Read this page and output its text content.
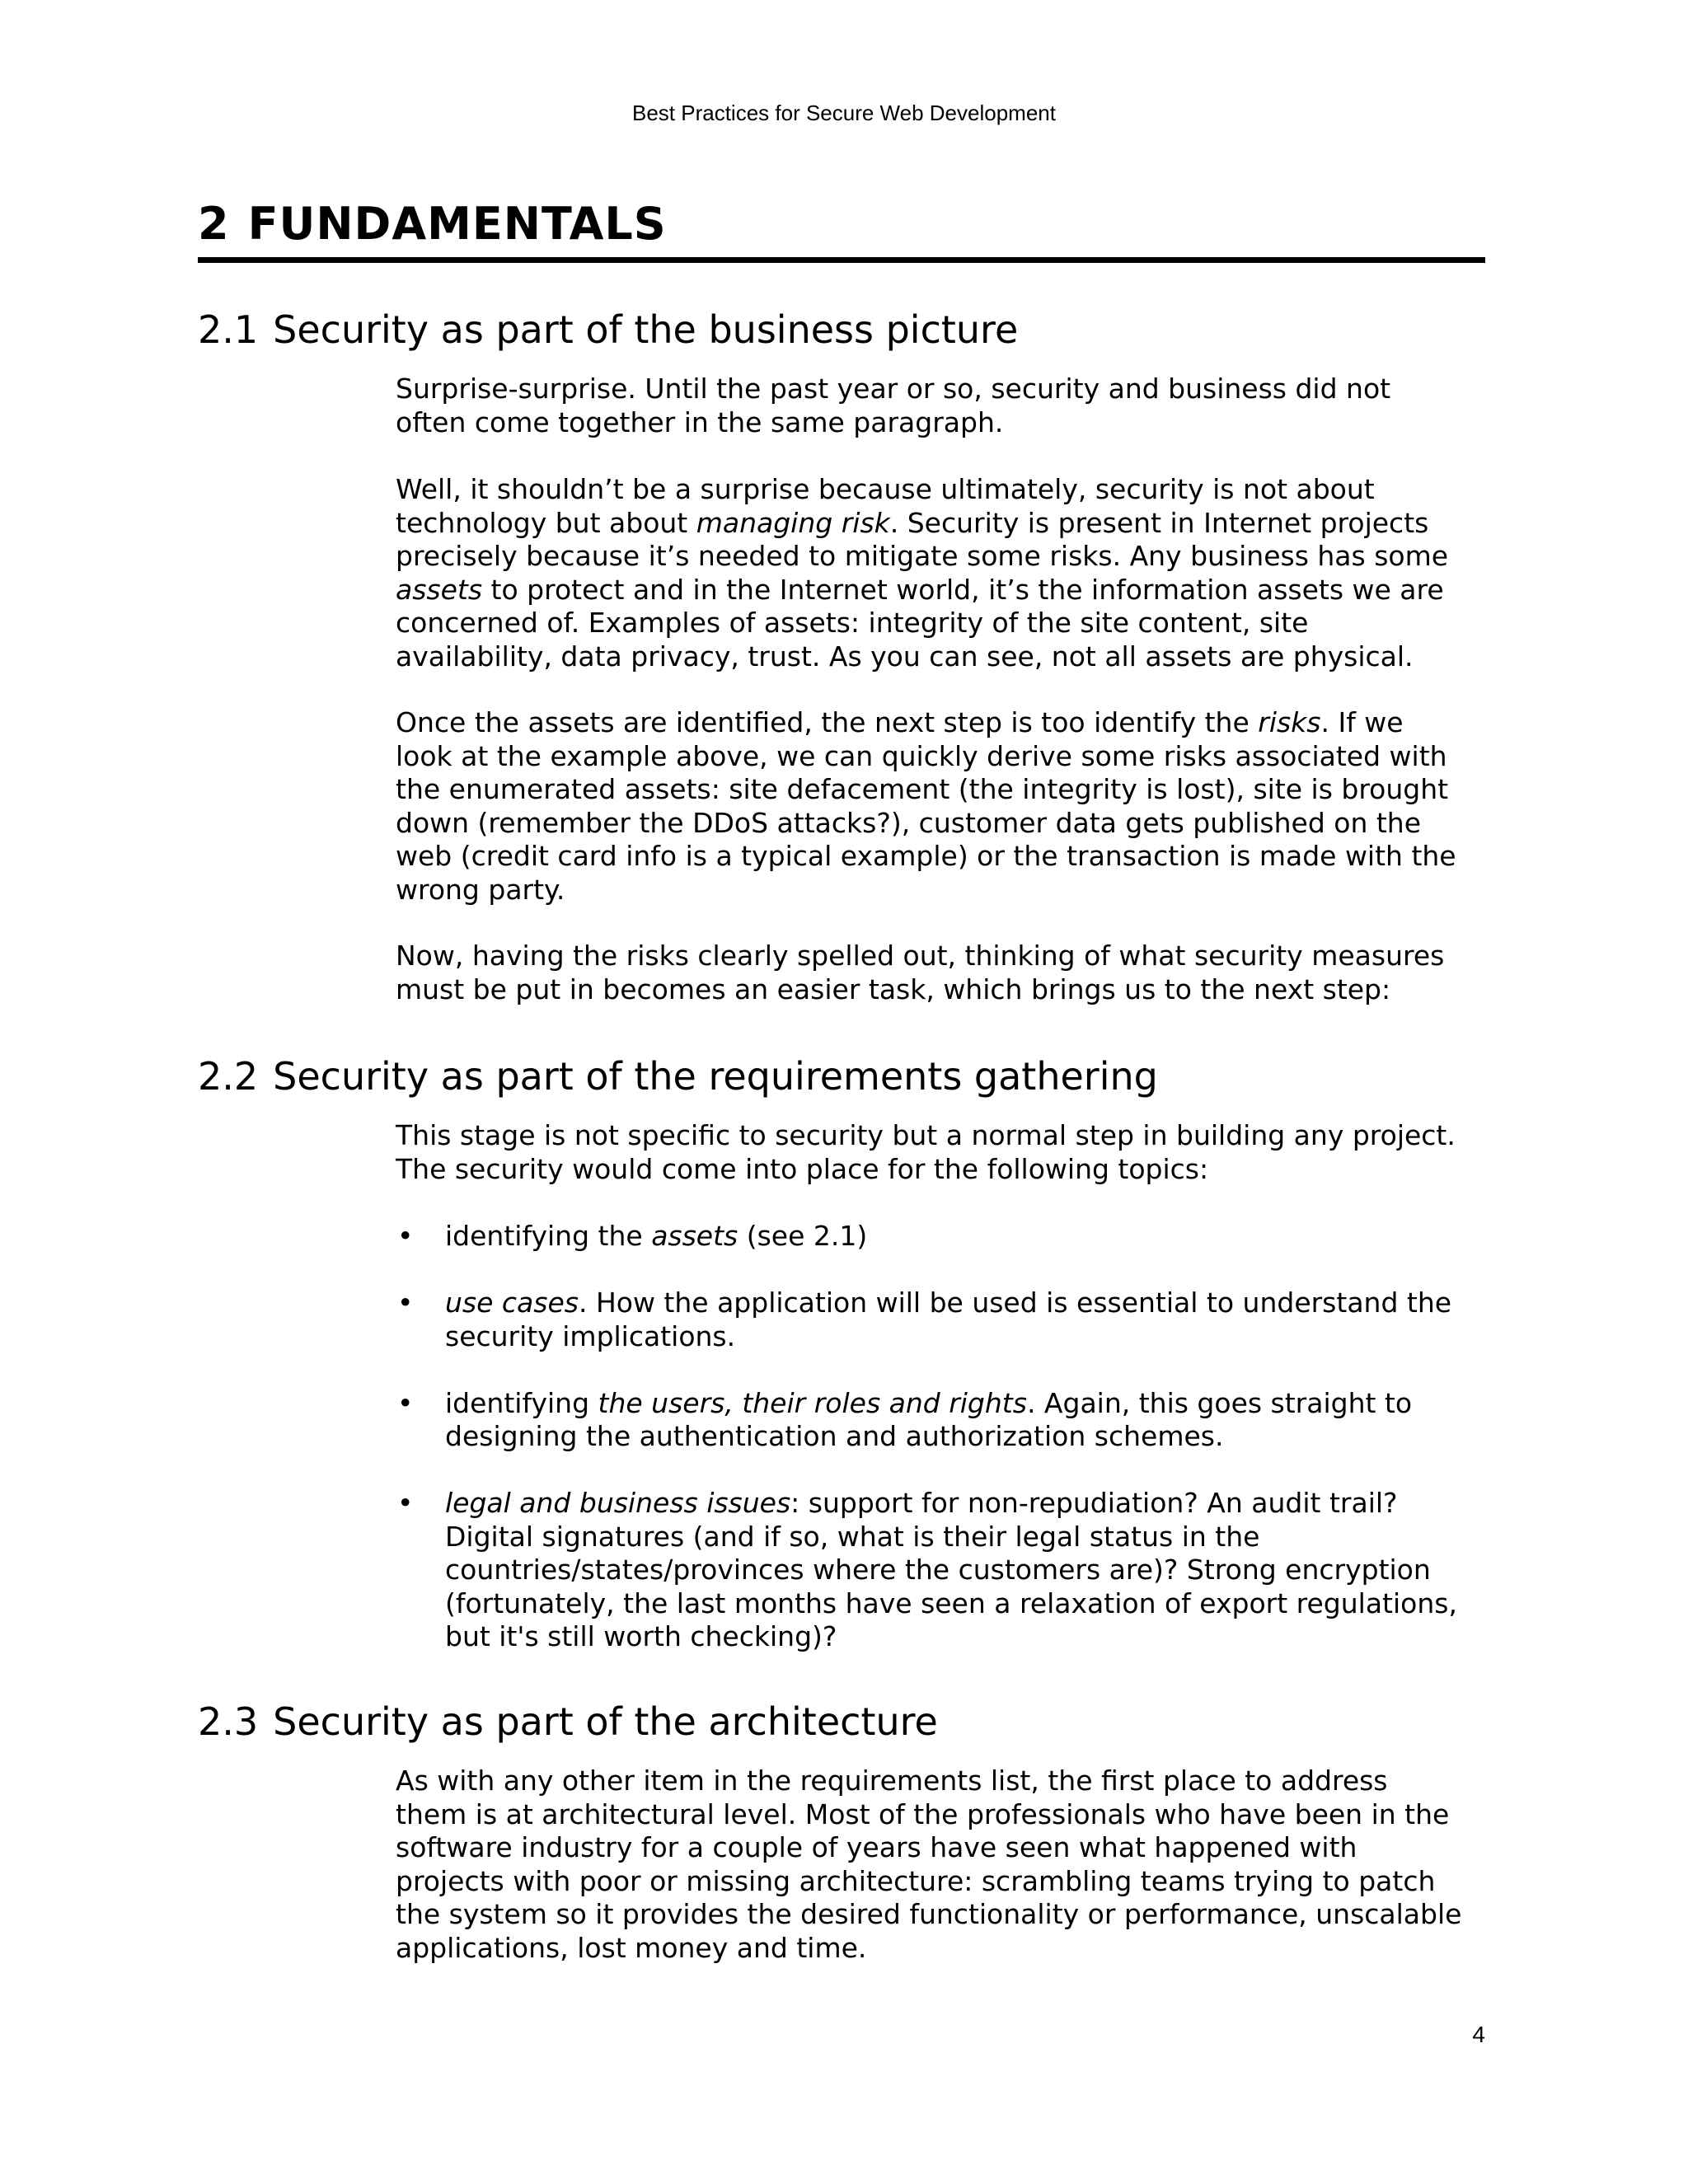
Best Practices for Secure Web Development
2 FUNDAMENTALS
2.1 Security as part of the business picture

Surprise-surprise. Until the past year or so, security and business did not
often come together in the same paragraph.

Well, it shouldn’t be a surprise because ultimately, security is not about
technology but about managing risk. Security is present in Internet projects
precisely because it’s needed to mitigate some risks. Any business has some
assets to protect and in the Internet world, it’s the information assets we are
concerned of. Examples of assets: integrity of the site content, site
availability, data privacy, trust. As you can see, not all assets are physical.

Once the assets are identified, the next step is too identify the risks. If we
look at the example above, we can quickly derive some risks associated with
the enumerated assets: site defacement (the integrity is lost), site is brought
down (remember the DDoS attacks?), customer data gets published on the
web (credit card info is a typical example) or the transaction is made with the
wrong party.

Now, having the risks clearly spelled out, thinking of what security measures
must be put in becomes an easier task, which brings us to the next step:

2.2 Security as part of the requirements gathering

This stage is not specific to security but a normal step in building any project.
The security would come into place for the following topics:

• identifying the assets (see 2.1)
• use cases. How the application will be used is essential to understand the
security implications.
• identifying the users, their roles and rights. Again, this goes straight to
designing the authentication and authorization schemes.
• legal and business issues: support for non-repudiation? An audit trail?
Digital signatures (and if so, what is their legal status in the
countries/states/provinces where the customers are)? Strong encryption
(fortunately, the last months have seen a relaxation of export regulations,
but it's still worth checking)?
2.3 Security as part of the architecture

As with any other item in the requirements list, the first place to address
them is at architectural level. Most of the professionals who have been in the
software industry for a couple of years have seen what happened with
projects with poor or missing architecture: scrambling teams trying to patch
the system so it provides the desired functionality or performance, unscalable
applications, lost money and time.

4
